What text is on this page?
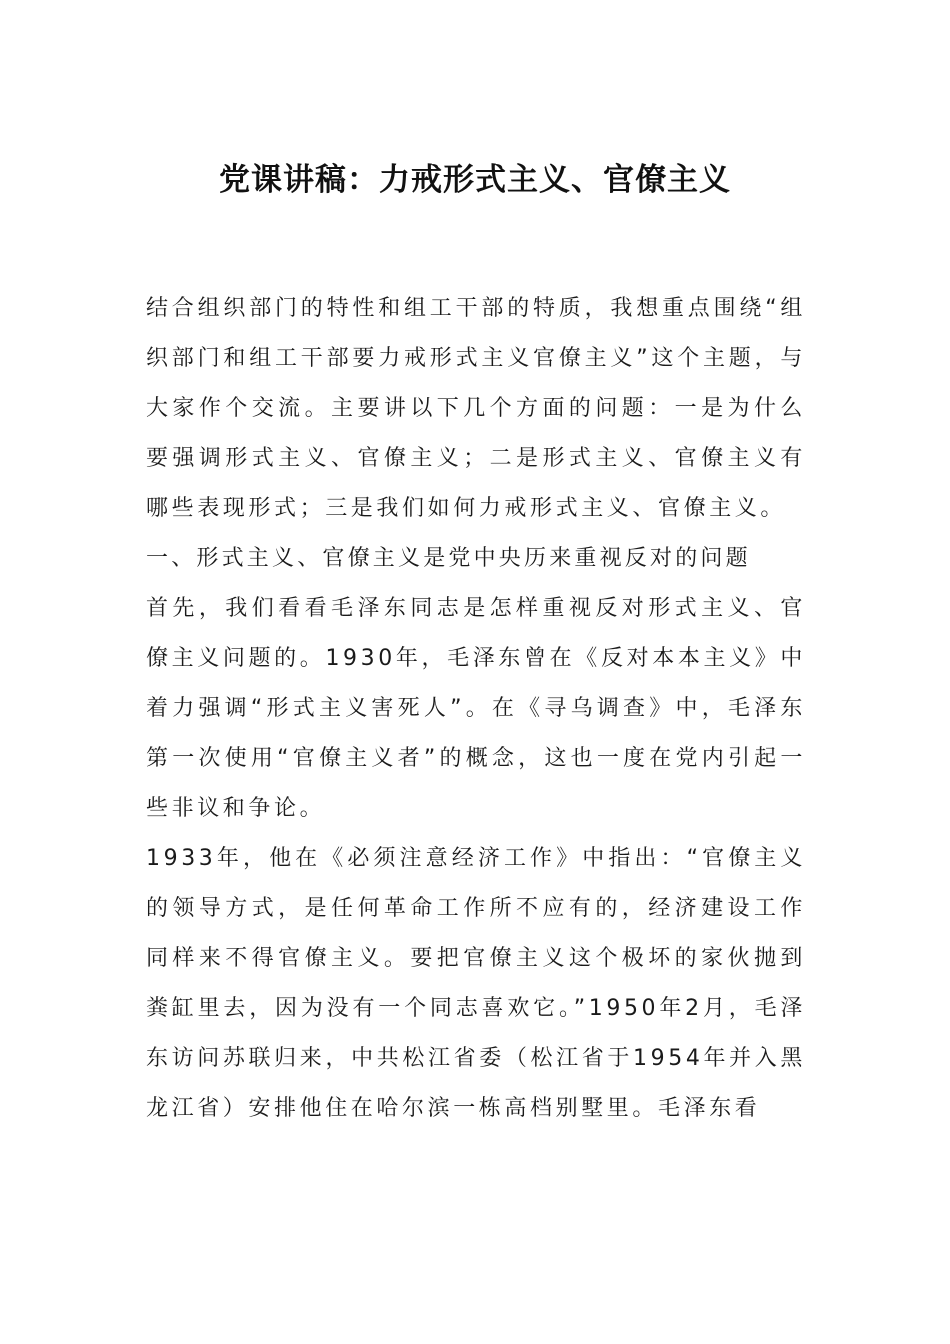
党课讲稿：力戒形式主义、官僚主义

结合组织部门的特性和组工干部的特质，我想重点围绕“组织部门和组工干部要力戒形式主义官僚主义”这个主题，与大家作个交流。主要讲以下几个方面的问题：一是为什么要强调形式主义、官僚主义；二是形式主义、官僚主义有哪些表现形式；三是我们如何力戒形式主义、官僚主义。

一、形式主义、官僚主义是党中央历来重视反对的问题

首先，我们看看毛泽东同志是怎样重视反对形式主义、官僚主义问题的。1930年，毛泽东曾在《反对本本主义》中着力强调“形式主义害死人”。在《寻乌调查》中，毛泽东第一次使用“官僚主义者”的概念，这也一度在党内引起一些非议和争论。

1933年，他在《必须注意经济工作》中指出：“官僚主义的领导方式，是任何革命工作所不应有的，经济建设工作同样来不得官僚主义。要把官僚主义这个极坏的家伙抛到粪缸里去，因为没有一个同志喜欢它。”1950年2月，毛泽东访问苏联归来，中共松江省委（松江省于1954年并入黑龙江省）安排他住在哈尔滨一栋高档别墅里。毛泽东看
